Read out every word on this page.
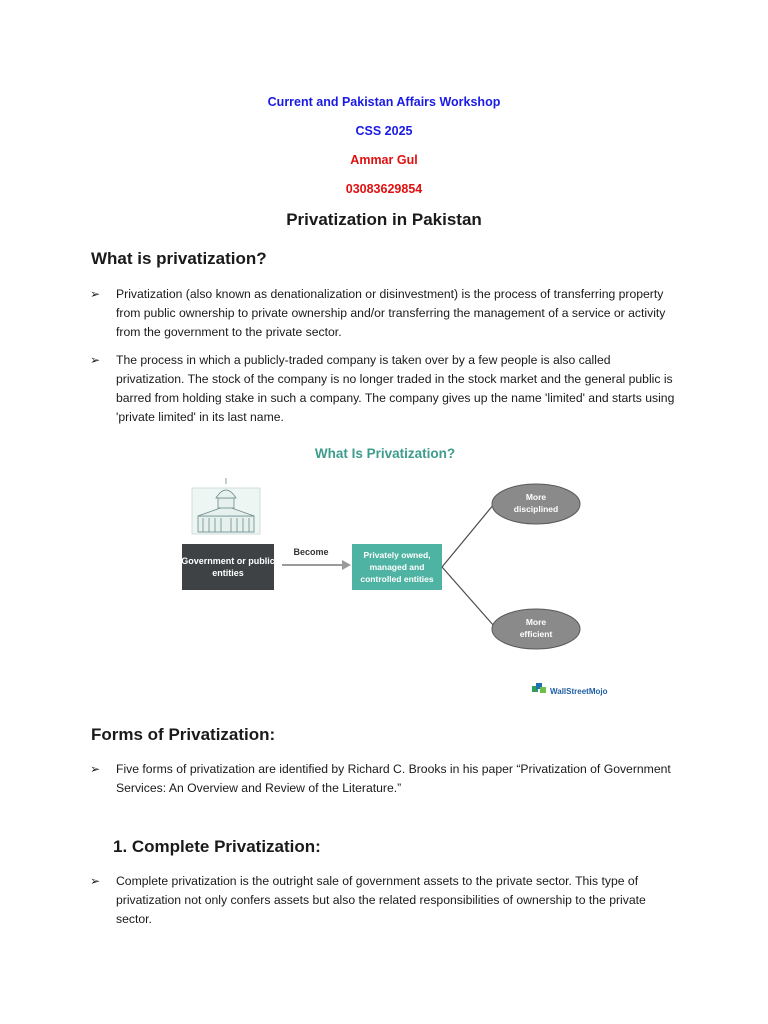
Current and Pakistan Affairs Workshop
CSS 2025
Ammar Gul
03083629854
Privatization in Pakistan
What is privatization?
➢ Privatization (also known as denationalization or disinvestment) is the process of transferring property from public ownership to private ownership and/or transferring the management of a service or activity from the government to the private sector.
➢ The process in which a publicly-traded company is taken over by a few people is also called privatization. The stock of the company is no longer traded in the stock market and the general public is barred from holding stake in such a company. The company gives up the name 'limited' and starts using 'private limited' in its last name.
What Is Privatization?
Government or public entities
Become	Privately owned, managed and controlled entities
More disciplined
More efficient
WallStreetMojo
Forms of Privatization:
➢ Five forms of privatization are identified by Richard C. Brooks in his paper “Privatization of Government Services: An Overview and Review of the Literature.”
1. Complete Privatization:
➢ Complete privatization is the outright sale of government assets to the private sector. This type of privatization not only confers assets but also the related responsibilities of ownership to the private sector.
